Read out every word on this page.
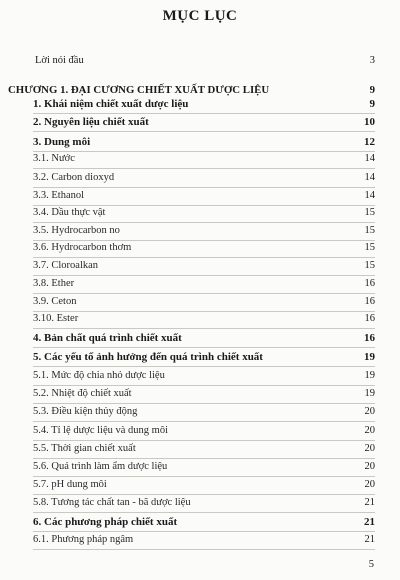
MỤC LỤC
Lời nói đầu	3
CHƯƠNG 1. ĐẠI CƯƠNG CHIẾT XUẤT DƯỢC LIỆU	9
1. Khái niệm chiết xuất dược liệu	9
2. Nguyên liệu chiết xuất	10
3. Dung môi	12
3.1. Nước	14
3.2. Carbon dioxyd	14
3.3. Ethanol	14
3.4. Dầu thực vật	15
3.5. Hydrocarbon no	15
3.6. Hydrocarbon thơm	15
3.7. Cloroalkan	15
3.8. Ether	16
3.9. Ceton	16
3.10. Ester	16
4. Bản chất quá trình chiết xuất	16
5. Các yếu tố ảnh hưởng đến quá trình chiết xuất	19
5.1. Mức độ chia nhỏ dược liệu	19
5.2. Nhiệt độ chiết xuất	19
5.3. Điều kiện thủy động	20
5.4. Tỉ lệ dược liệu và dung môi	20
5.5. Thời gian chiết xuất	20
5.6. Quá trình làm ẩm dược liệu	20
5.7. pH dung môi	20
5.8. Tương tác chất tan - bã dược liệu	21
6. Các phương pháp chiết xuất	21
6.1. Phương pháp ngâm	21
5
